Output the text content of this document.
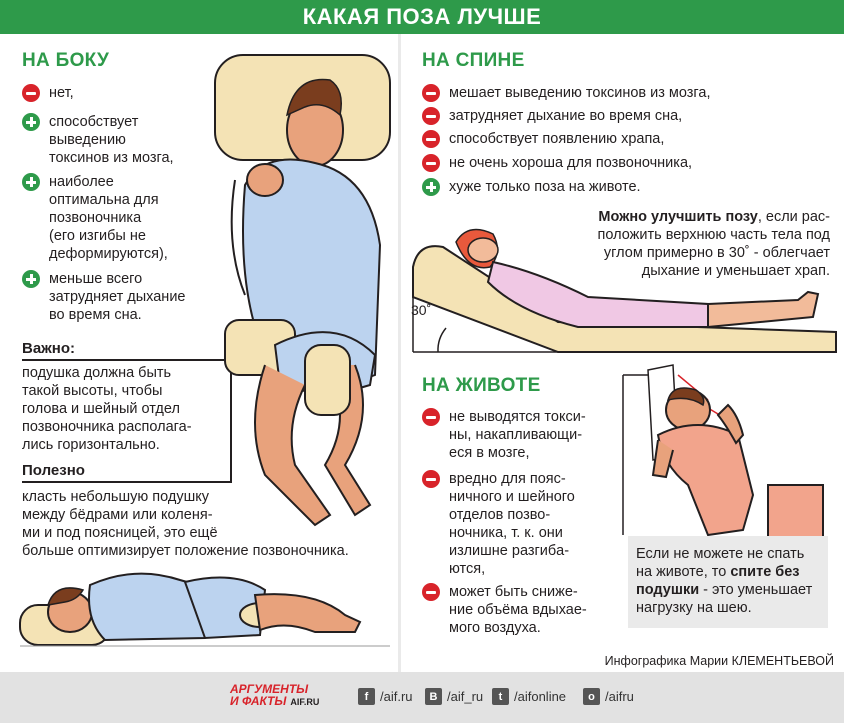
КАКАЯ ПОЗА ЛУЧШЕ
НА БОКУ
нет,
способствует
выведению
токсинов из мозга,
наиболее
оптимальна для
позвоночника
(его изгибы не
деформируются),
меньше всего
затрудняет дыхание
во время сна.
Важно:
подушка должна быть
такой высоты, чтобы
голова и шейный отдел
позвоночника располага-
лись горизонтально.
Полезно
класть небольшую подушку
между бёдрами или коленя-
ми и под поясницей, это ещё
больше оптимизирует положение позвоночника.
НА СПИНЕ
мешает выведению токсинов из мозга,
затрудняет дыхание во время сна,
способствует появлению храпа,
не очень хороша для позвоночника,
хуже только поза на животе.
Можно улучшить позу, если рас-
положить верхнюю часть тела под
углом примерно в 30˚ - облегчает
дыхание и уменьшает храп.
30˚
НА ЖИВОТЕ
не выводятся токси-
ны, накапливающи-
еся в мозге,
вредно для пояс-
ничного и шейного
отделов позво-
ночника, т. к. они
излишне разгибa-
ются,
может быть сниже-
ние объёма вдыхае-
мого воздуха.
Если не можете не спать
на животе, то спите без
подушки - это уменьшает
нагрузку на шею.
Инфографика Марии КЛЕМЕНТЬЕВОЙ
АРГУМЕНТЫ
И ФАКТЫ AIF.RU	f /aif.ru	В /aif_ru	t /aifonline	о /aifru
